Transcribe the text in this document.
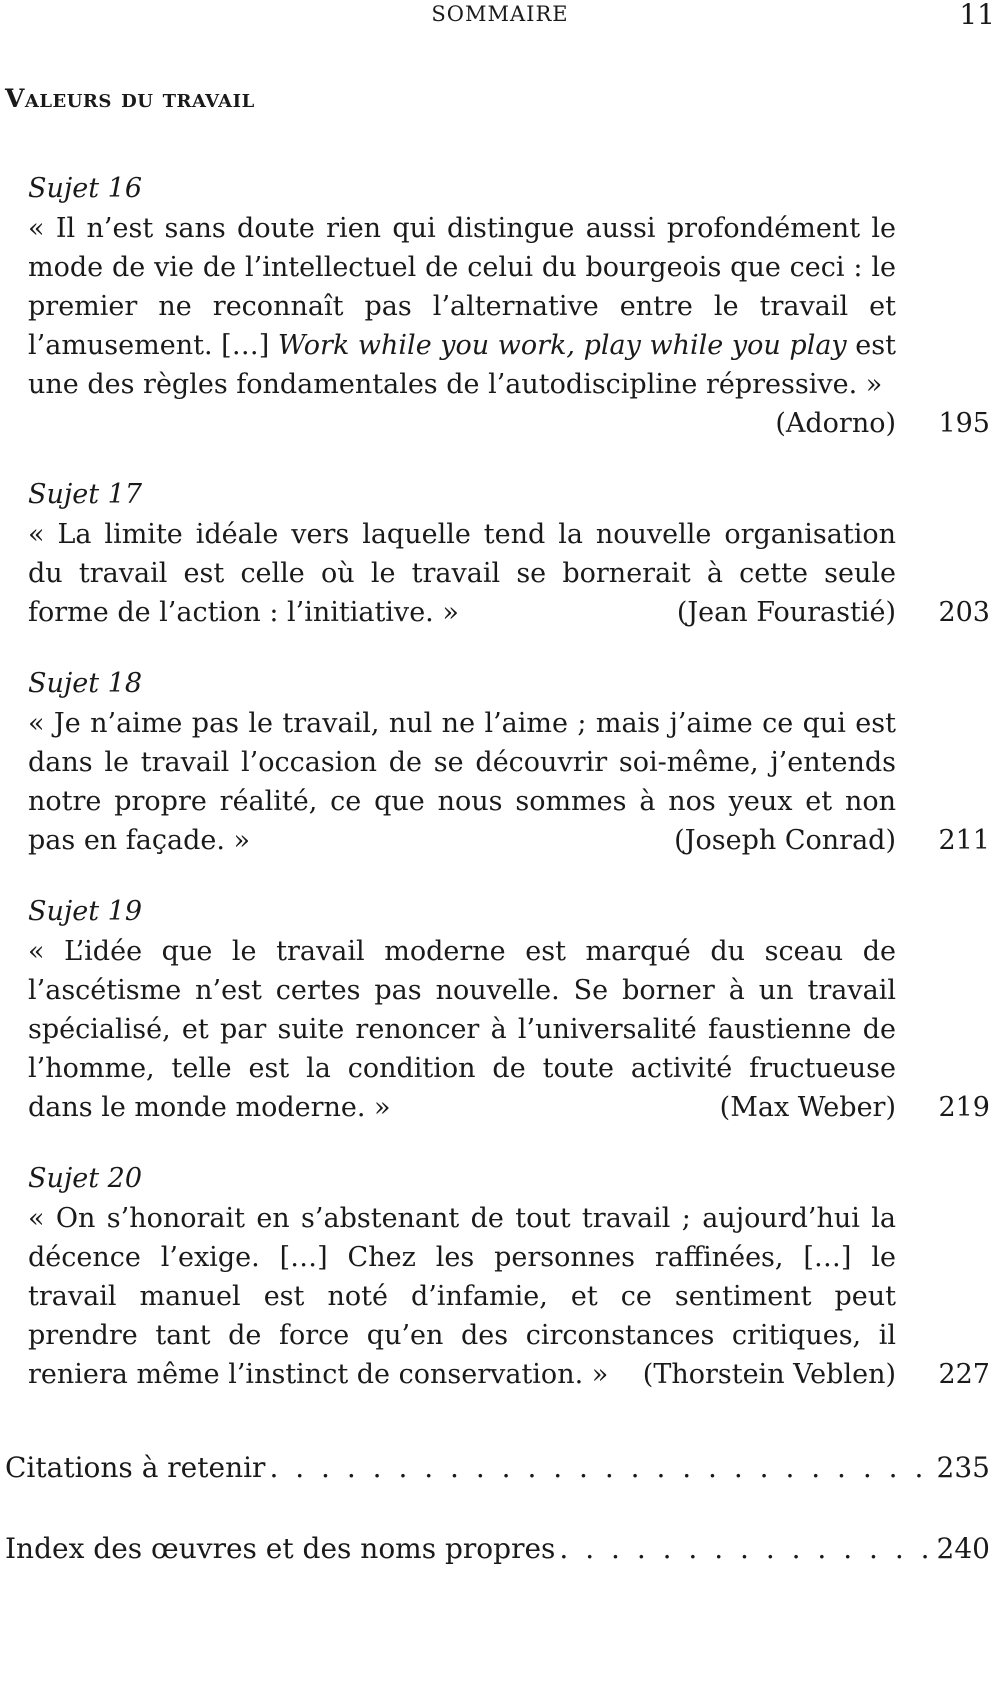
SOMMAIRE	11
Valeurs du travail
Sujet 16
« Il n’est sans doute rien qui distingue aussi profondément le mode de vie de l’intellectuel de celui du bourgeois que ceci : le premier ne reconnaît pas l’alternative entre le travail et l’amusement. […] Work while you work, play while you play est une des règles fondamentales de l’autodiscipline répressive. »
(Adorno) 195
Sujet 17
« La limite idéale vers laquelle tend la nouvelle organisation du travail est celle où le travail se bornerait à cette seule forme de l’action : l’initiative. »	(Jean Fourastié) 203
Sujet 18
« Je n’aime pas le travail, nul ne l’aime ; mais j’aime ce qui est dans le travail l’occasion de se découvrir soi-même, j’entends notre propre réalité, ce que nous sommes à nos yeux et non pas en façade. »	(Joseph Conrad) 211
Sujet 19
« L’idée que le travail moderne est marqué du sceau de l’ascétisme n’est certes pas nouvelle. Se borner à un travail spécialisé, et par suite renoncer à l’universalité faustienne de l’homme, telle est la condition de toute activité fructueuse dans le monde moderne. »	(Max Weber) 219
Sujet 20
« On s’honorait en s’abstenant de tout travail ; aujourd’hui la décence l’exige. […] Chez les personnes raffinées, […] le travail manuel est noté d’infamie, et ce sentiment peut prendre tant de force qu’en des circonstances critiques, il reniera même l’instinct de conservation. » (Thorstein Veblen) 227
Citations à retenir . . .	235
Index des œuvres et des noms propres . . .	240
